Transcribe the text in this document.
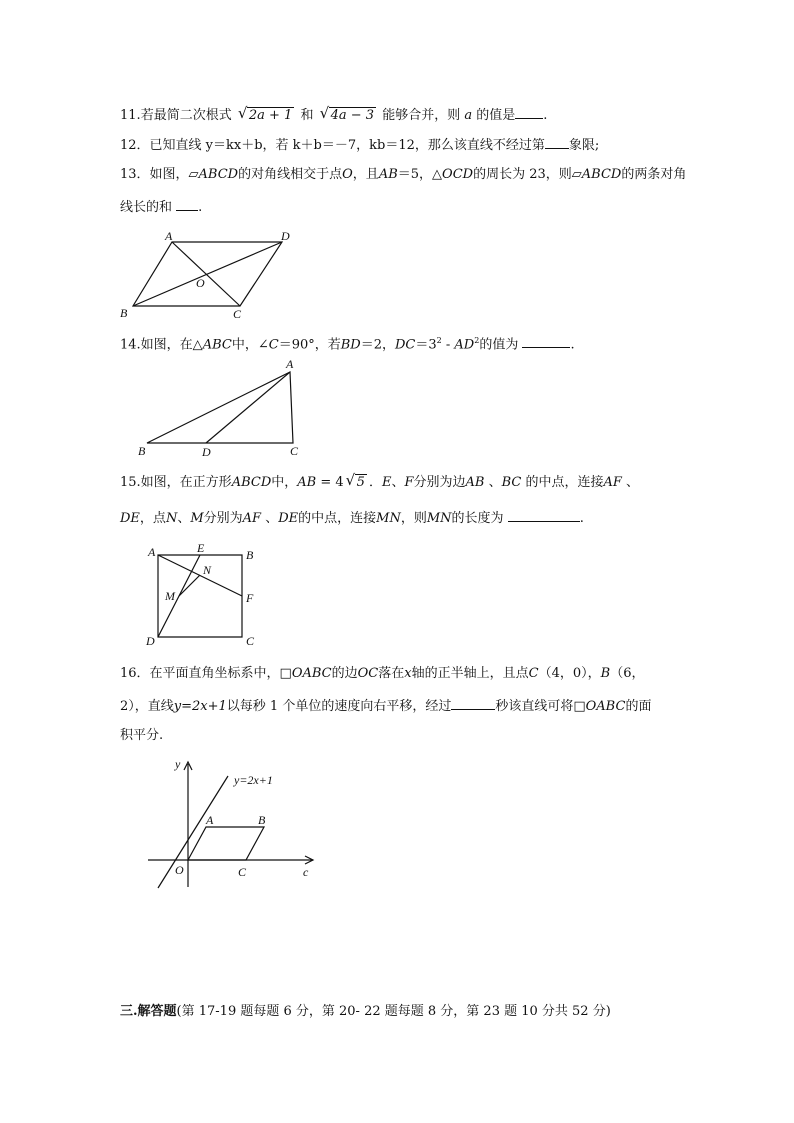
11.若最简二次根式 √ 2a + 1 和 √ 4a − 3 能够合并，则 a 的值是 .
12．已知直线 y＝kx＋b，若 k＋b＝－7，kb＝12，那么该直线不经过第 象限;
13．如图，▱ABCD的对角线相交于点O，且AB＝5，△OCD的周长为 23，则▱ABCD的两条对角
线长的和 .
A	D
O
B	C
14.如图，在△ABC中，∠C＝90°，若BD＝2，$DC=3^2 - AD^2$的值为	.
A
B	D	C
15.如图，在正方形ABCD中，AB = 4 √ 5 ．E、F分别为边AB 、BC 的中点，连接AF 、
DE，点N、M分别为AF 、DE的中点，连接MN，则MN的长度为	.
A	E	B
N
M	F
D	C
16．在平面直角坐标系中，□OABC的边OC落在x轴的正半轴上，且点C（4，0），B（6，
2），直线y=2x+1以每秒 1 个单位的速度向右平移，经过	秒该直线可将□OABC的面
积平分.
y
y=2x+1
A	B
O	C	c
三.解答题(第 17-19 题每题 6 分，第 20- 22 题每题 8 分，第 23 题 10 分共 52 分)
